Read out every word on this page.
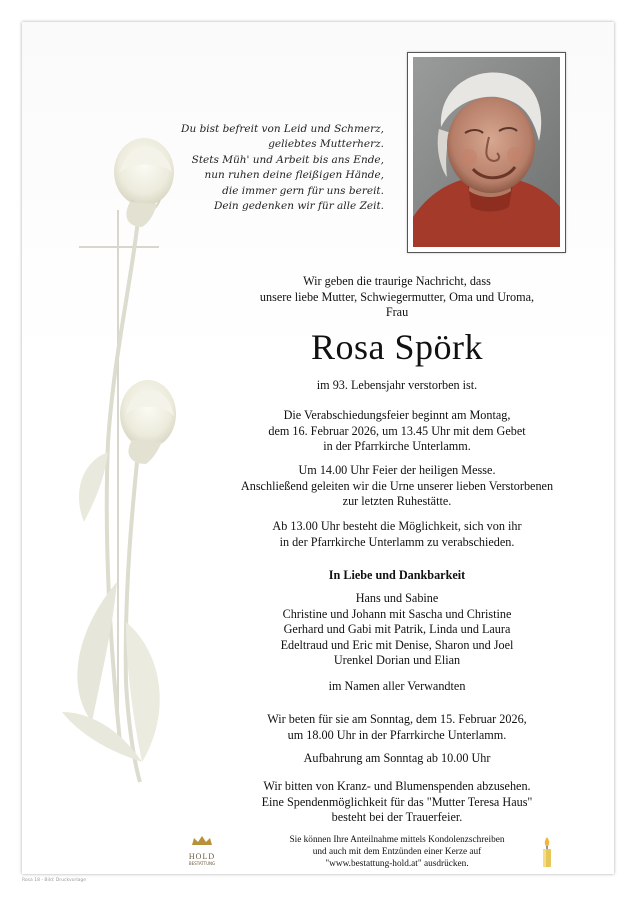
Du bist befreit von Leid und Schmerz,
geliebtes Mutterherz.
Stets Müh' und Arbeit bis ans Ende,
nun ruhen deine fleißigen Hände,
die immer gern für uns bereit.
Dein gedenken wir für alle Zeit.
Wir geben die traurige Nachricht, dass
unsere liebe Mutter, Schwiegermutter, Oma und Uroma,
Frau
Rosa Spörk
im 93. Lebensjahr verstorben ist.
Die Verabschiedungsfeier beginnt am Montag,
dem 16. Februar 2026, um 13.45 Uhr mit dem Gebet
in der Pfarrkirche Unterlamm.
Um 14.00 Uhr Feier der heiligen Messe.
Anschließend geleiten wir die Urne unserer lieben Verstorbenen
zur letzten Ruhestätte.
Ab 13.00 Uhr besteht die Möglichkeit, sich von ihr
in der Pfarrkirche Unterlamm zu verabschieden.
In Liebe und Dankbarkeit
Hans und Sabine
Christine und Johann mit Sascha und Christine
Gerhard und Gabi mit Patrik, Linda und Laura
Edeltraud und Eric mit Denise, Sharon und Joel
Urenkel Dorian und Elian
im Namen aller Verwandten
Wir beten für sie am Sonntag, dem 15. Februar 2026,
um 18.00 Uhr in der Pfarrkirche Unterlamm.
Aufbahrung am Sonntag ab 10.00 Uhr
Wir bitten von Kranz- und Blumenspenden abzusehen.
Eine Spendenmöglichkeit für das "Mutter Teresa Haus"
besteht bei der Trauerfeier.
HOLD
BESTATTUNG
Sie können Ihre Anteilnahme mittels Kondolenzschreiben
und auch mit dem Entzünden einer Kerze auf
"www.bestattung-hold.at" ausdrücken.
Rosa 18 - Bild: Druckvorlage
